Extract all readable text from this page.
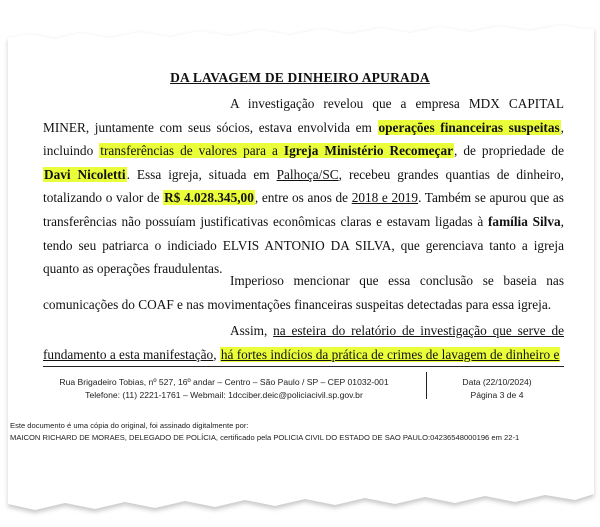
DA LAVAGEM DE DINHEIRO APURADA

A investigação revelou que a empresa MDX CAPITAL MINER, juntamente com seus sócios, estava envolvida em operações financeiras suspeitas, incluindo transferências de valores para a Igreja Ministério Recomeçar, de propriedade de Davi Nicoletti. Essa igreja, situada em Palhoça/SC, recebeu grandes quantias de dinheiro, totalizando o valor de R$ 4.028.345,00, entre os anos de 2018 e 2019. Também se apurou que as transferências não possuíam justificativas econômicas claras e estavam ligadas à família Silva, tendo seu patriarca o indiciado ELVIS ANTONIO DA SILVA, que gerenciava tanto a igreja quanto as operações fraudulentas.

Imperioso mencionar que essa conclusão se baseia nas comunicações do COAF e nas movimentações financeiras suspeitas detectadas para essa igreja.

Assim, na esteira do relatório de investigação que serve de fundamento a esta manifestação, há fortes indícios da prática de crimes de lavagem de dinheiro e

Rua Brigadeiro Tobias, nº 527, 16º andar – Centro – São Paulo / SP – CEP 01032-001
Telefone: (11) 2221-1761 – Webmail: 1dcciber.deic@policiacivil.sp.gov.br
Data (22/10/2024)
Página 3 de 4
Este documento é uma cópia do original, foi assinado digitalmente por:
MAICON RICHARD DE MORAES, DELEGADO DE POLÍCIA, certificado pela POLICIA CIVIL DO ESTADO DE SAO PAULO:04236548000196 em 22-1
